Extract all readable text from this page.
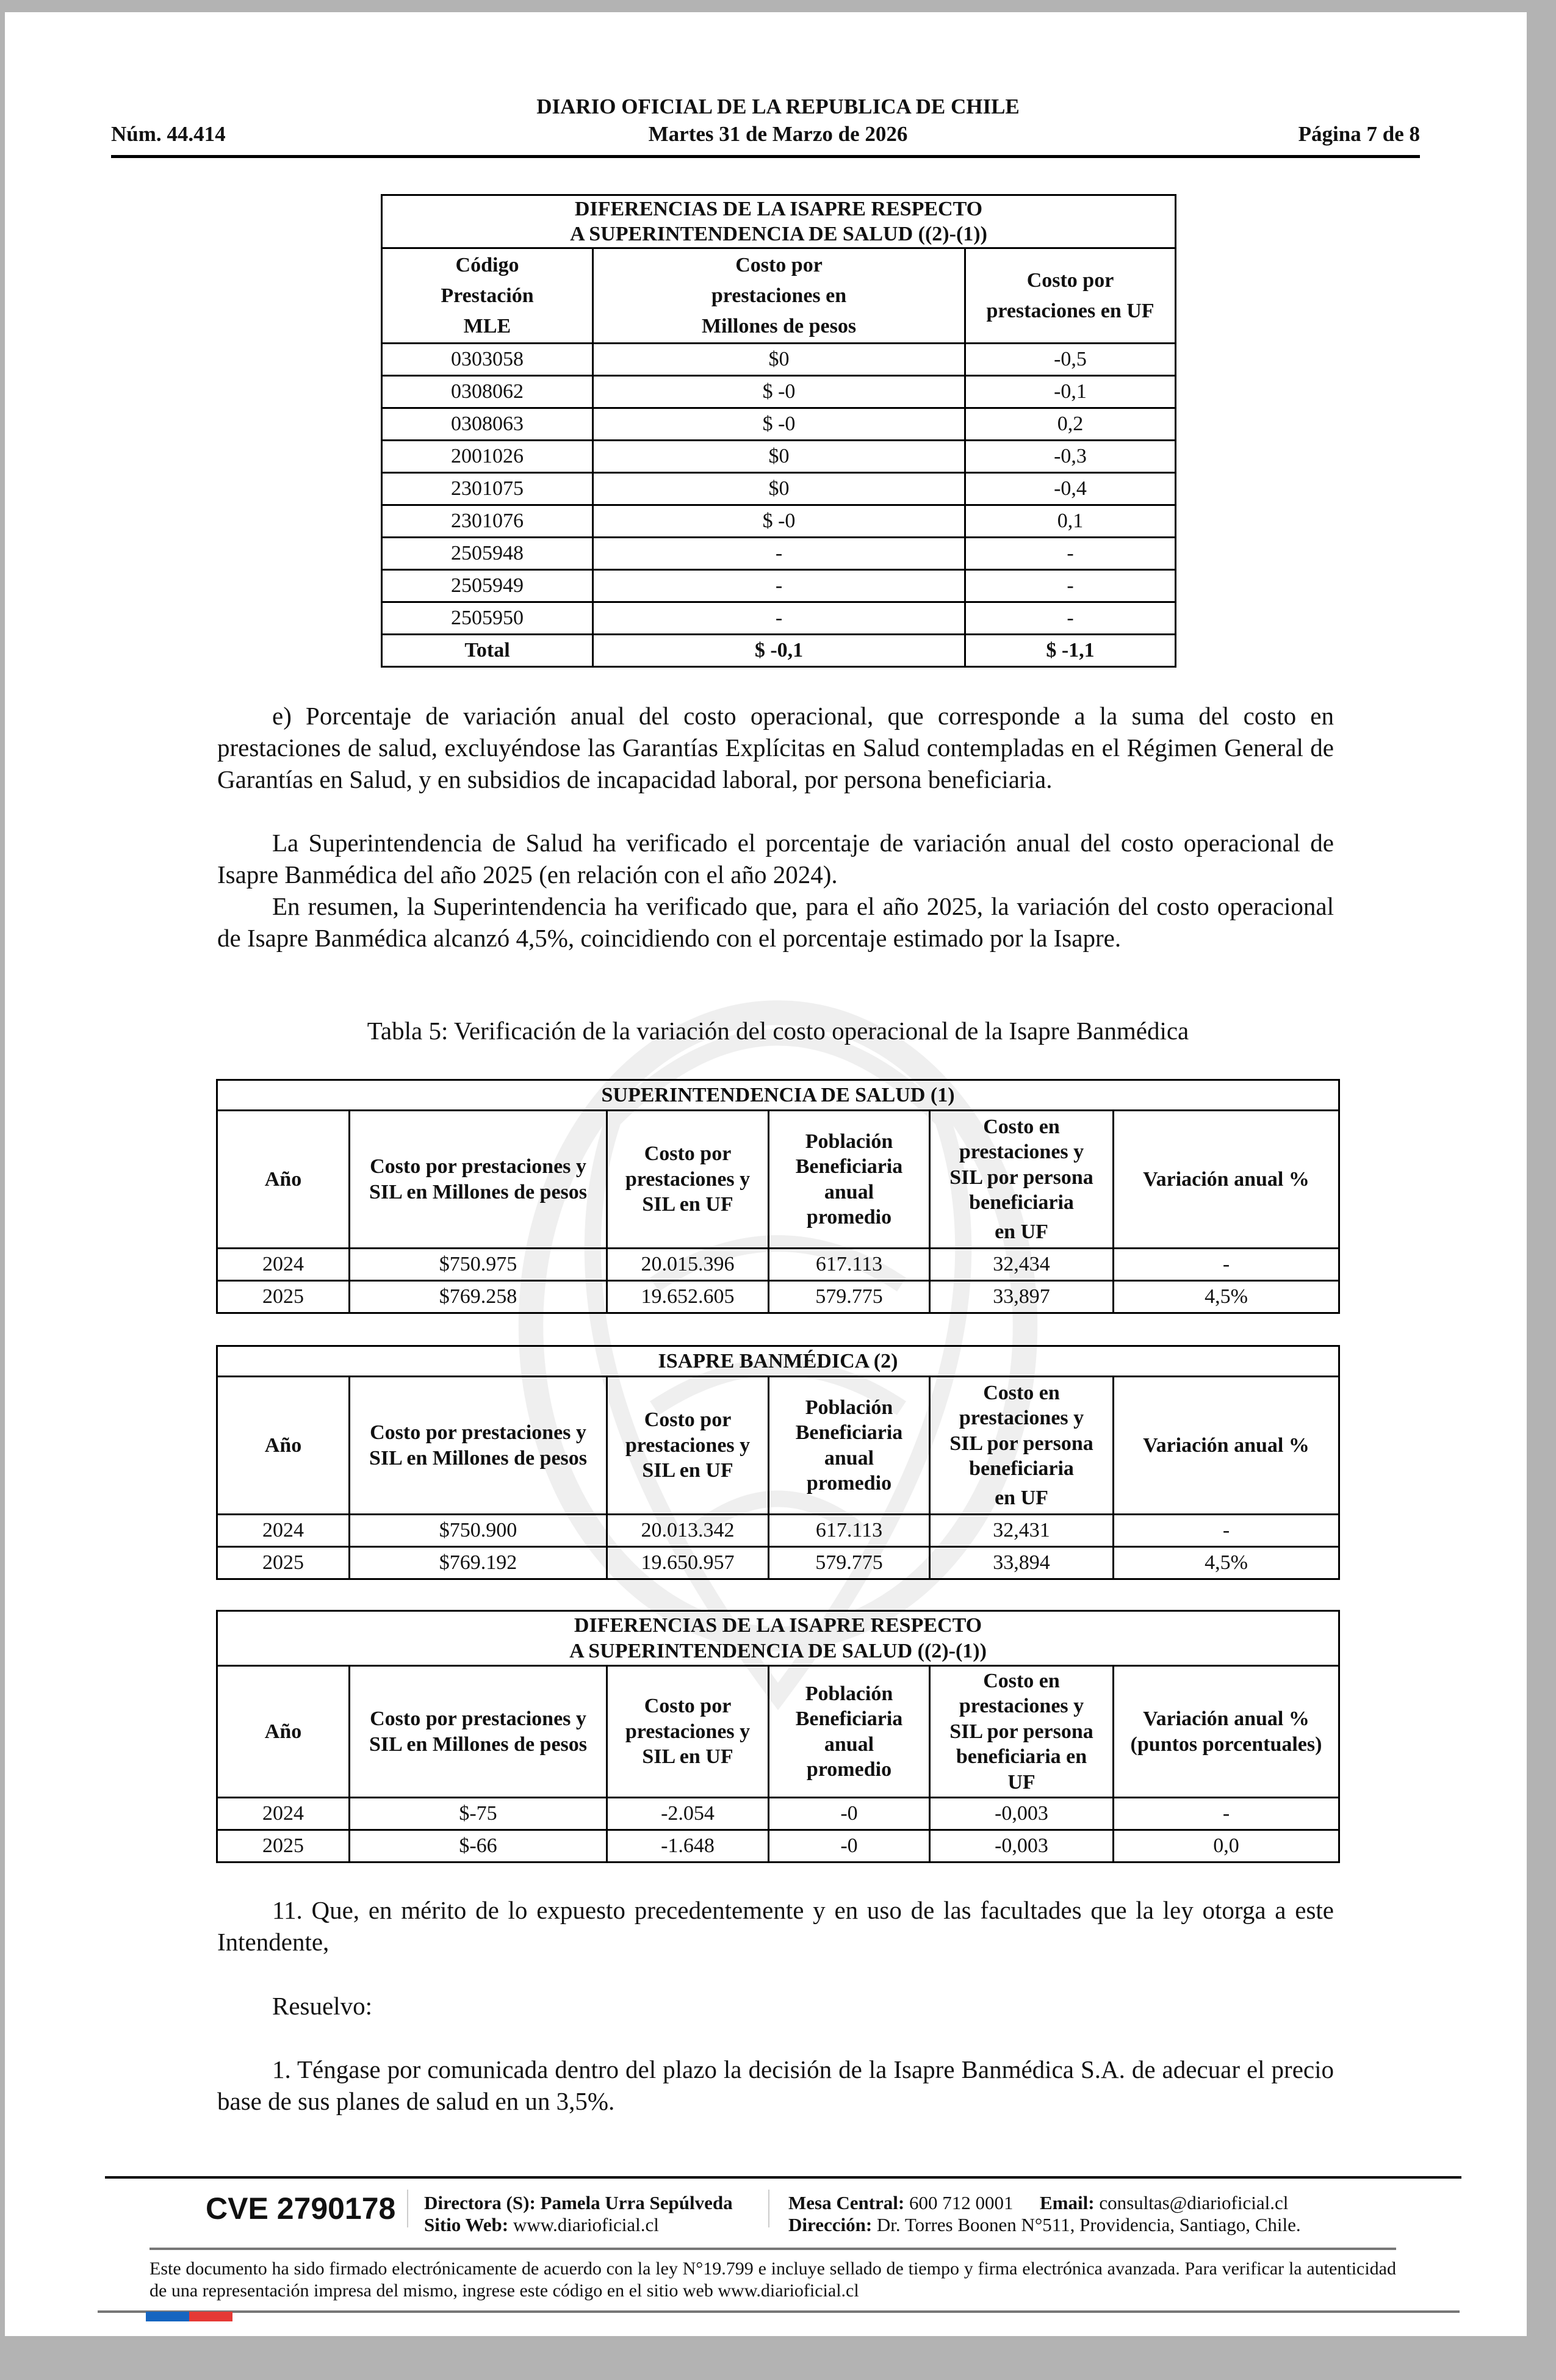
DIARIO OFICIAL DE LA REPUBLICA DE CHILE
Núm. 44.414	Martes 31 de Marzo de 2026	Página 7 de 8
DIFERENCIAS DE LA ISAPRE RESPECTO
A SUPERINTENDENCIA DE SALUD ((2)-(1))		

Código
Prestación
MLE

Costo por
prestaciones en
Millones de pesos

Costo por
prestaciones en UF

0303058	$0	-0,5
0308062	$ -0	-0,1
0308063	$ -0	0,2
2001026	$0	-0,3
2301075	$0	-0,4
2301076	$ -0	0,1
2505948	-	-
2505949	-	-
2505950	-	-
Total	$ -0,1	$ -1,1
e) Porcentaje de variación anual del costo operacional, que corresponde a la suma del costo en prestaciones de salud, excluyéndose las Garantías Explícitas en Salud contempladas en el Régimen General de Garantías en Salud, y en subsidios de incapacidad laboral, por persona beneficiaria.
La Superintendencia de Salud ha verificado el porcentaje de variación anual del costo operacional de Isapre Banmédica del año 2025 (en relación con el año 2024).
En resumen, la Superintendencia ha verificado que, para el año 2025, la variación del costo operacional de Isapre Banmédica alcanzó 4,5%, coincidiendo con el porcentaje estimado por la Isapre.
Tabla 5: Verificación de la variación del costo operacional de la Isapre Banmédica
SUPERINTENDENCIA DE SALUD (1)					

Año

Costo por prestaciones y
SIL en Millones de pesos

Costo por
prestaciones y
SIL en UF

Población
Beneficiaria
anual
promedio

Costo en
prestaciones y
SIL por persona
beneficiaria
en UF

Variación anual %

2024	$750.975	20.015.396	617.113	32,434	-
2025	$769.258	19.652.605	579.775	33,897	4,5%
ISAPRE BANMÉDICA (2)					

Año

Costo por prestaciones y
SIL en Millones de pesos

Costo por
prestaciones y
SIL en UF

Población
Beneficiaria
anual
promedio

Costo en
prestaciones y
SIL por persona
beneficiaria
en UF

Variación anual %

2024	$750.900	20.013.342	617.113	32,431	-
2025	$769.192	19.650.957	579.775	33,894	4,5%
DIFERENCIAS DE LA ISAPRE RESPECTO
A SUPERINTENDENCIA DE SALUD ((2)-(1))					

Año

Costo por prestaciones y
SIL en Millones de pesos

Costo por
prestaciones y
SIL en UF

Población
Beneficiaria
anual
promedio

Costo en
prestaciones y
SIL por persona
beneficiaria en
UF

Variación anual %
(puntos porcentuales)

2024	$-75	-2.054	-0	-0,003	-
2025	$-66	-1.648	-0	-0,003	0,0
11. Que, en mérito de lo expuesto precedentemente y en uso de las facultades que la ley otorga a este Intendente,
Resuelvo:
1. Téngase por comunicada dentro del plazo la decisión de la Isapre Banmédica S.A. de adecuar el precio base de sus planes de salud en un 3,5%.
CVE 2790178 Directora (S): Pamela Urra Sepúlveda
Sitio Web: www.diarioficial.cl
Mesa Central: 600 712 0001 Email: consultas@diarioficial.cl
Dirección: Dr. Torres Boonen N°511, Providencia, Santiago, Chile.
Este documento ha sido firmado electrónicamente de acuerdo con la ley N°19.799 e incluye sellado de tiempo y firma electrónica avanzada. Para verificar la autenticidad de una representación impresa del mismo, ingrese este código en el sitio web www.diarioficial.cl
